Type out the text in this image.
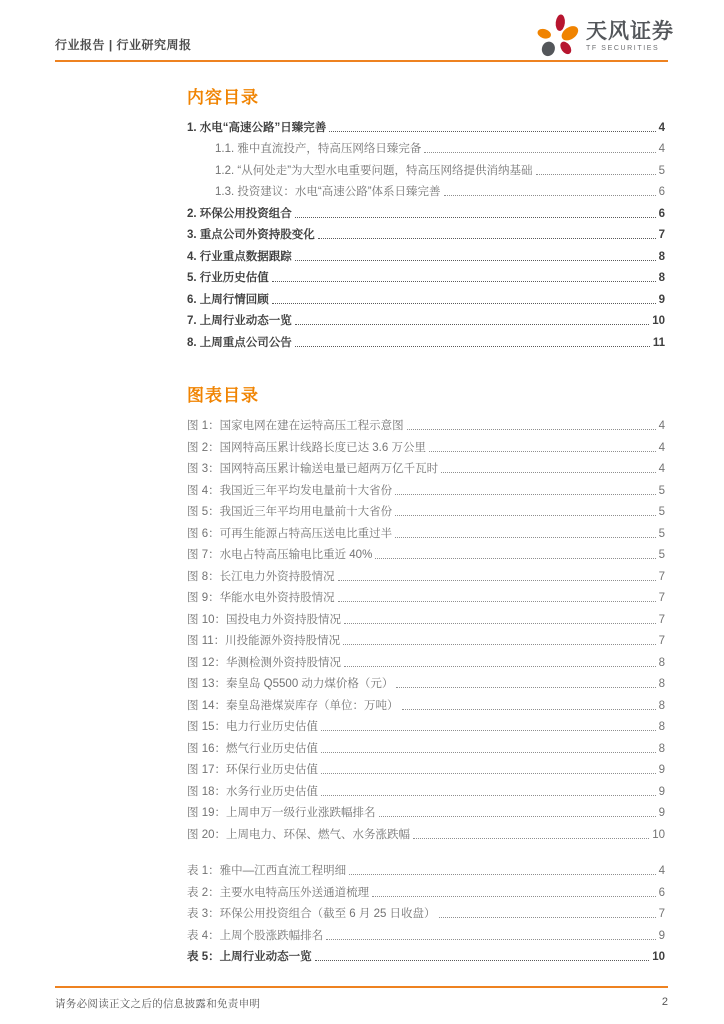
行业报告 | 行业研究周报
天风证券
TF SECURITIES
内容目录
1. 水电“高速公路”日臻完善	4
1.1. 雅中直流投产，特高压网络日臻完备	4
1.2. “从何处走”为大型水电重要问题，特高压网络提供消纳基础	5
1.3. 投资建议：水电“高速公路”体系日臻完善	6
2. 环保公用投资组合	6
3. 重点公司外资持股变化	7
4. 行业重点数据跟踪	8
5. 行业历史估值	8
6. 上周行情回顾	9
7. 上周行业动态一览	10
8. 上周重点公司公告	11
图表目录
图 1：国家电网在建在运特高压工程示意图	4
图 2：国网特高压累计线路长度已达 3.6 万公里	4
图 3：国网特高压累计输送电量已超两万亿千瓦时	4
图 4：我国近三年平均发电量前十大省份	5
图 5：我国近三年平均用电量前十大省份	5
图 6：可再生能源占特高压送电比重过半	5
图 7：水电占特高压输电比重近 40%	5
图 8：长江电力外资持股情况	7
图 9：华能水电外资持股情况	7
图 10：国投电力外资持股情况	7
图 11：川投能源外资持股情况	7
图 12：华测检测外资持股情况	8
图 13：秦皇岛 Q5500 动力煤价格（元）	8
图 14：秦皇岛港煤炭库存（单位：万吨）	8
图 15：电力行业历史估值	8
图 16：燃气行业历史估值	8
图 17：环保行业历史估值	9
图 18：水务行业历史估值	9
图 19：上周申万一级行业涨跌幅排名	9
图 20：上周电力、环保、燃气、水务涨跌幅	10
表 1：雅中—江西直流工程明细	4
表 2：主要水电特高压外送通道梳理	6
表 3：环保公用投资组合（截至 6 月 25 日收盘）	7
表 4：上周个股涨跌幅排名	9
表 5：上周行业动态一览	10
请务必阅读正文之后的信息披露和免责申明	2
